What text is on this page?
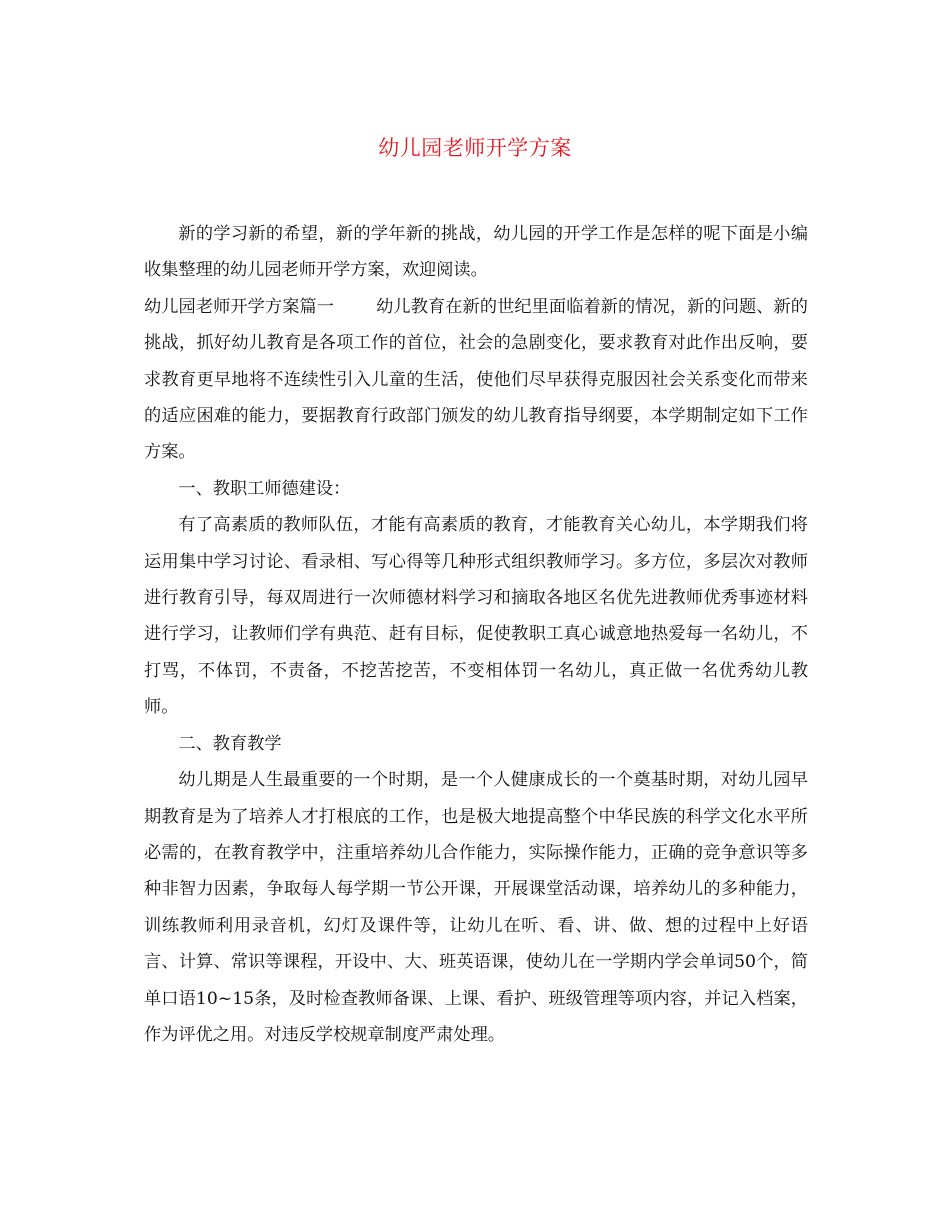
幼儿园老师开学方案

新的学习新的希望，新的学年新的挑战，幼儿园的开学工作是怎样的呢下面是小编收集整理的幼儿园老师开学方案，欢迎阅读。

幼儿园老师开学方案篇一 幼儿教育在新的世纪里面临着新的情况，新的问题、新的挑战，抓好幼儿教育是各项工作的首位，社会的急剧变化，要求教育对此作出反响，要求教育更早地将不连续性引入儿童的生活，使他们尽早获得克服因社会关系变化而带来的适应困难的能力，要据教育行政部门颁发的幼儿教育指导纲要，本学期制定如下工作方案。

一、教职工师德建设：

有了高素质的教师队伍，才能有高素质的教育，才能教育关心幼儿，本学期我们将运用集中学习讨论、看录相、写心得等几种形式组织教师学习。多方位，多层次对教师进行教育引导，每双周进行一次师德材料学习和摘取各地区名优先进教师优秀事迹材料进行学习，让教师们学有典范、赶有目标，促使教职工真心诚意地热爱每一名幼儿，不打骂，不体罚，不责备，不挖苦挖苦，不变相体罚一名幼儿，真正做一名优秀幼儿教师。

二、教育教学

幼儿期是人生最重要的一个时期，是一个人健康成长的一个奠基时期，对幼儿园早期教育是为了培养人才打根底的工作，也是极大地提高整个中华民族的科学文化水平所必需的，在教育教学中，注重培养幼儿合作能力，实际操作能力，正确的竞争意识等多种非智力因素，争取每人每学期一节公开课，开展课堂活动课，培养幼儿的多种能力，训练教师利用录音机，幻灯及课件等，让幼儿在听、看、讲、做、想的过程中上好语言、计算、常识等课程，开设中、大、班英语课，使幼儿在一学期内学会单词50个，简单口语10~15条，及时检查教师备课、上课、看护、班级管理等项内容，并记入档案，作为评优之用。对违反学校规章制度严肃处理。
